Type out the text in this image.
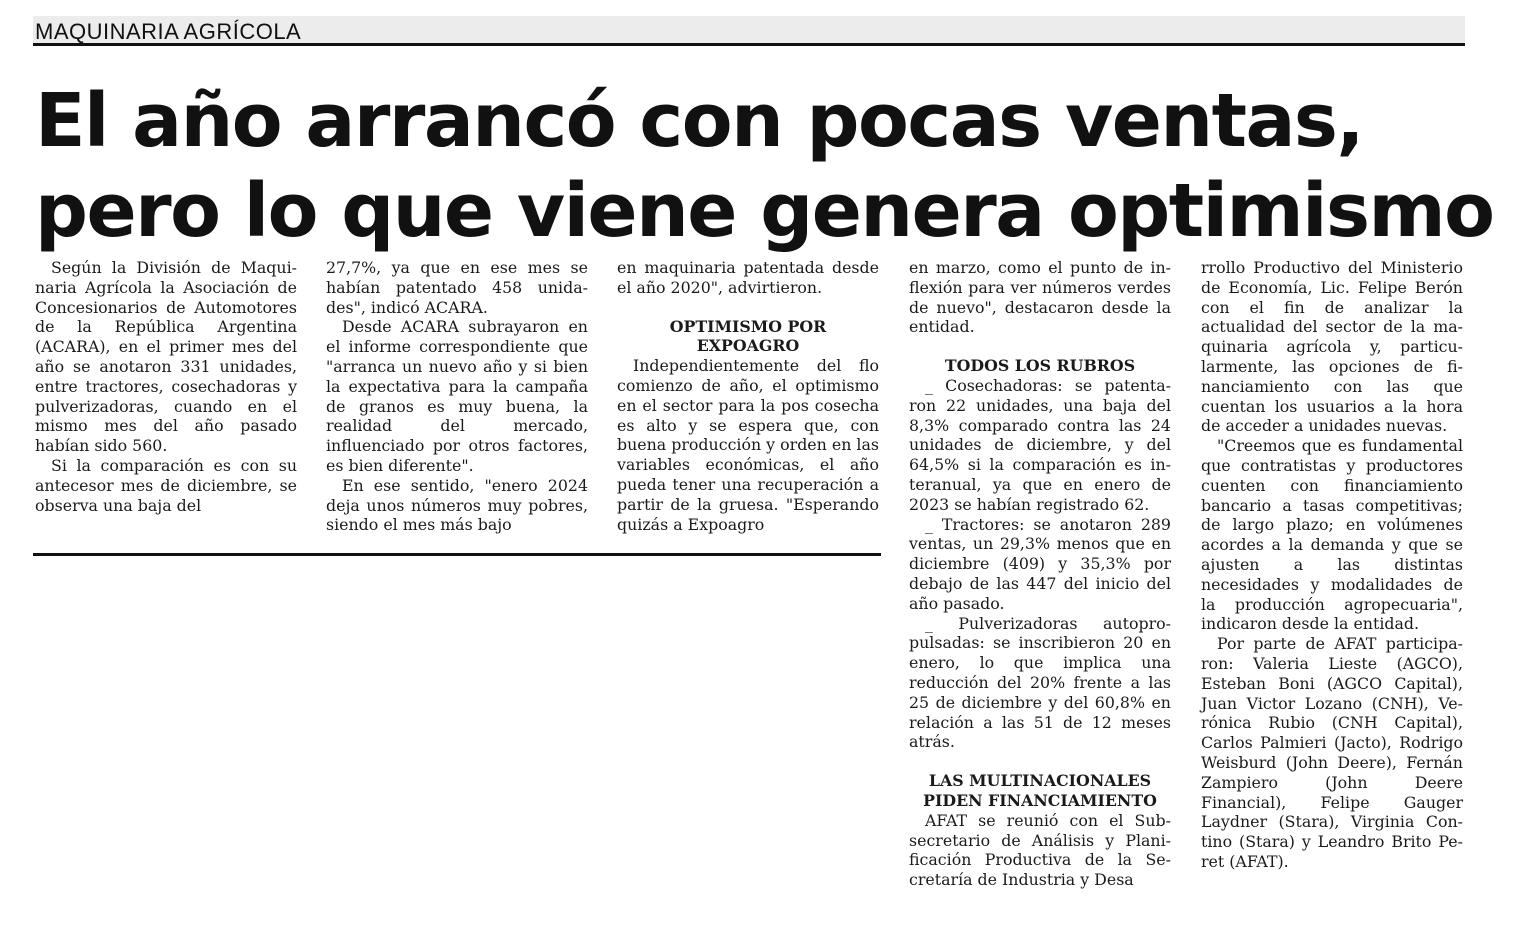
MAQUINARIA AGRÍCOLA
El año arrancó con pocas ventas,
pero lo que viene genera optimismo

Según la División de Maquinaria Agrícola la Asociación de Concesionarios de Automotores de la República Argentina (ACARA), en el primer mes del año se anotaron 331 unidades, entre tractores, cosechadoras y pulverizadoras, cuando en el mismo mes del año pasado habían sido 560.

Si la comparación es con su antecesor mes de diciembre, se observa una baja del

27,7%, ya que en ese mes se habían patentado 458 unidades", indicó ACARA.

Desde ACARA subrayaron en el informe correspondiente que "arranca un nuevo año y si bien la expectativa para la campaña de granos es muy buena, la realidad del mercado, influenciado por otros factores, es bien diferente".

En ese sentido, "enero 2024 deja unos números muy pobres, siendo el mes más bajo

en maquinaria patentada desde el año 2020", advirtieron.

OPTIMISMO POR EXPOAGRO

Independientemente del flo comienzo de año, el optimismo en el sector para la pos cosecha es alto y se espera que, con buena producción y orden en las variables económicas, el año pueda tener una recuperación a partir de la gruesa. "Esperando quizás a Expoagro

en marzo, como el punto de inflexión para ver números verdes de nuevo", destacaron desde la entidad.

TODOS LOS RUBROS

_ Cosechadoras: se patentaron 22 unidades, una baja del 8,3% comparado contra las 24 unidades de diciembre, y del 64,5% si la comparación es interanual, ya que en enero de 2023 se habían registrado 62.

_ Tractores: se anotaron 289 ventas, un 29,3% menos que en diciembre (409) y 35,3% por debajo de las 447 del inicio del año pasado.

_ Pulverizadoras autopropulsadas: se inscribieron 20 en enero, lo que implica una reducción del 20% frente a las 25 de diciembre y del 60,8% en relación a las 51 de 12 meses atrás.

LAS MULTINACIONALES PIDEN FINANCIAMIENTO

AFAT se reunió con el Subsecretario de Análisis y Planificación Productiva de la Secretaría de Industria y Desa

rrollo Productivo del Ministerio de Economía, Lic. Felipe Berón con el fin de analizar la actualidad del sector de la maquinaria agrícola y, particularmente, las opciones de financiamiento con las que cuentan los usuarios a la hora de acceder a unidades nuevas.

"Creemos que es fundamental que contratistas y productores cuenten con financiamiento bancario a tasas competitivas; de largo plazo; en volúmenes acordes a la demanda y que se ajusten a las distintas necesidades y modalidades de la producción agropecuaria", indicaron desde la entidad.

Por parte de AFAT participaron: Valeria Lieste (AGCO), Esteban Boni (AGCO Capital), Juan Victor Lozano (CNH), Verónica Rubio (CNH Capital), Carlos Palmieri (Jacto), Rodrigo Weisburd (John Deere), Fernán Zampiero (John Deere Financial), Felipe Gauger Laydner (Stara), Virginia Contino (Stara) y Leandro Brito Peret (AFAT).
